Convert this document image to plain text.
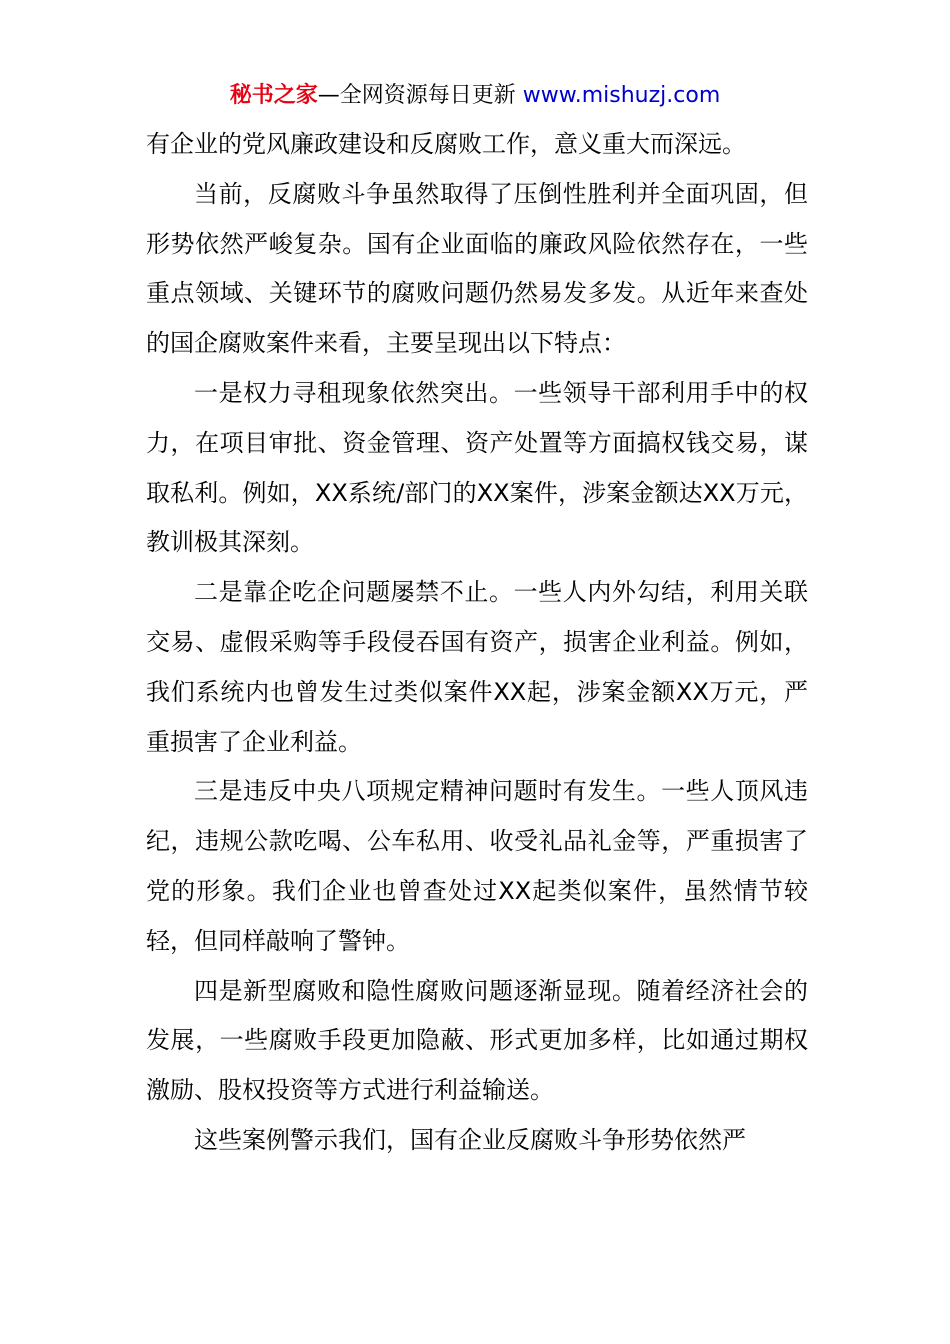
秘书之家—全网资源每日更新 www.mishuzj.com

有企业的党风廉政建设和反腐败工作，意义重大而深远。

当前，反腐败斗争虽然取得了压倒性胜利并全面巩固，但形势依然严峻复杂。国有企业面临的廉政风险依然存在，一些重点领域、关键环节的腐败问题仍然易发多发。从近年来查处的国企腐败案件来看，主要呈现出以下特点：

一是权力寻租现象依然突出。一些领导干部利用手中的权力，在项目审批、资金管理、资产处置等方面搞权钱交易，谋取私利。例如，XX系统/部门的XX案件，涉案金额达XX万元，教训极其深刻。

二是靠企吃企问题屡禁不止。一些人内外勾结，利用关联交易、虚假采购等手段侵吞国有资产，损害企业利益。例如，我们系统内也曾发生过类似案件XX起，涉案金额XX万元，严重损害了企业利益。

三是违反中央八项规定精神问题时有发生。一些人顶风违纪，违规公款吃喝、公车私用、收受礼品礼金等，严重损害了党的形象。我们企业也曾查处过XX起类似案件，虽然情节较轻，但同样敲响了警钟。

四是新型腐败和隐性腐败问题逐渐显现。随着经济社会的发展，一些腐败手段更加隐蔽、形式更加多样，比如通过期权激励、股权投资等方式进行利益输送。

这些案例警示我们，国有企业反腐败斗争形势依然严
